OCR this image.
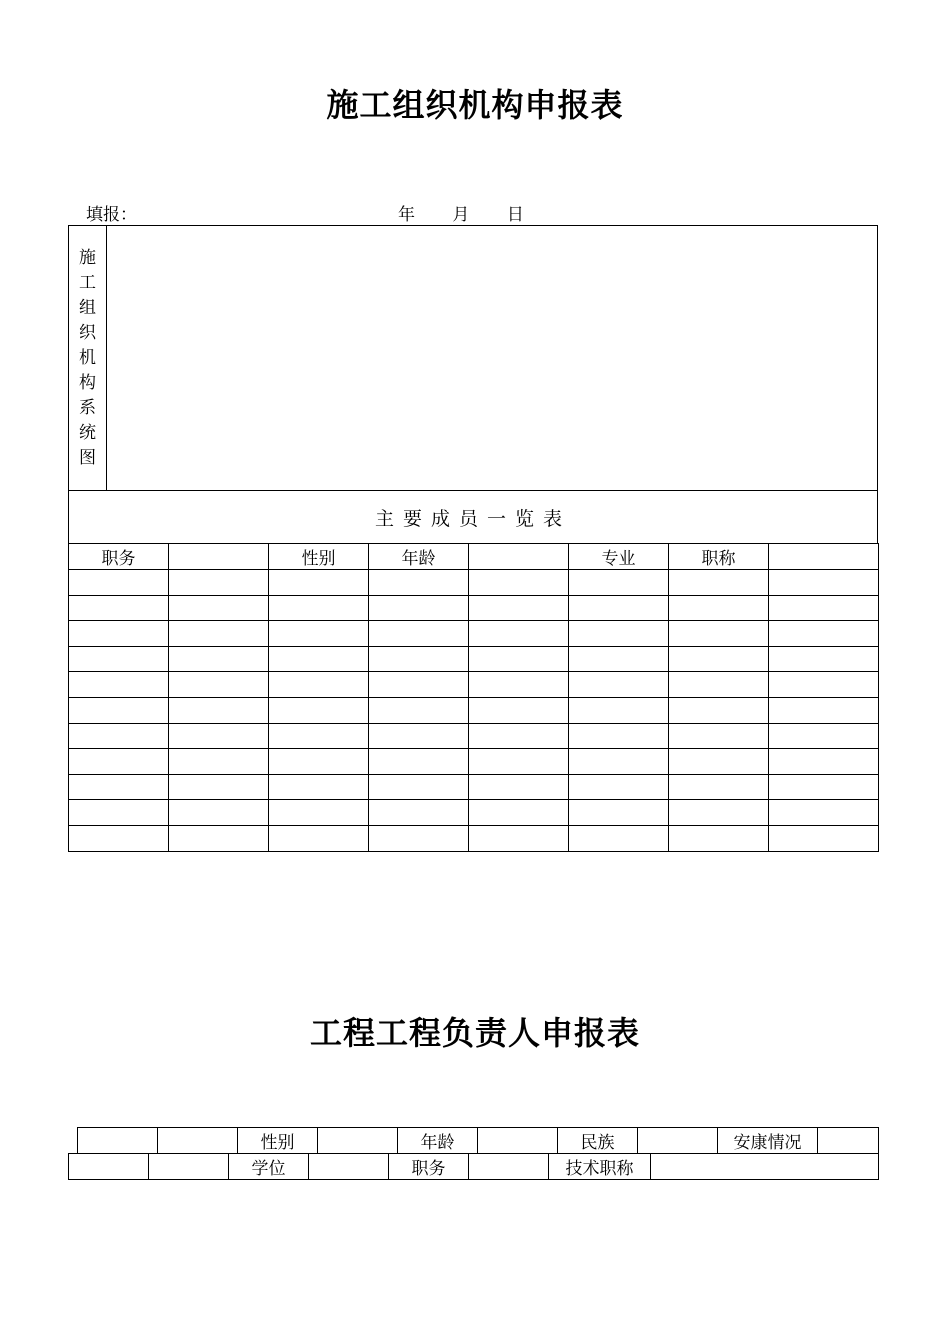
施工组织机构申报表
填报：	年 月 日
施
工
组
织
机
构
系
统
图
主要成员一览表
职务		性别	年龄		专业	职称	

工程工程负责人申报表
		性别		年龄		民族		安康情况	
		学位		职务		技术职称	
